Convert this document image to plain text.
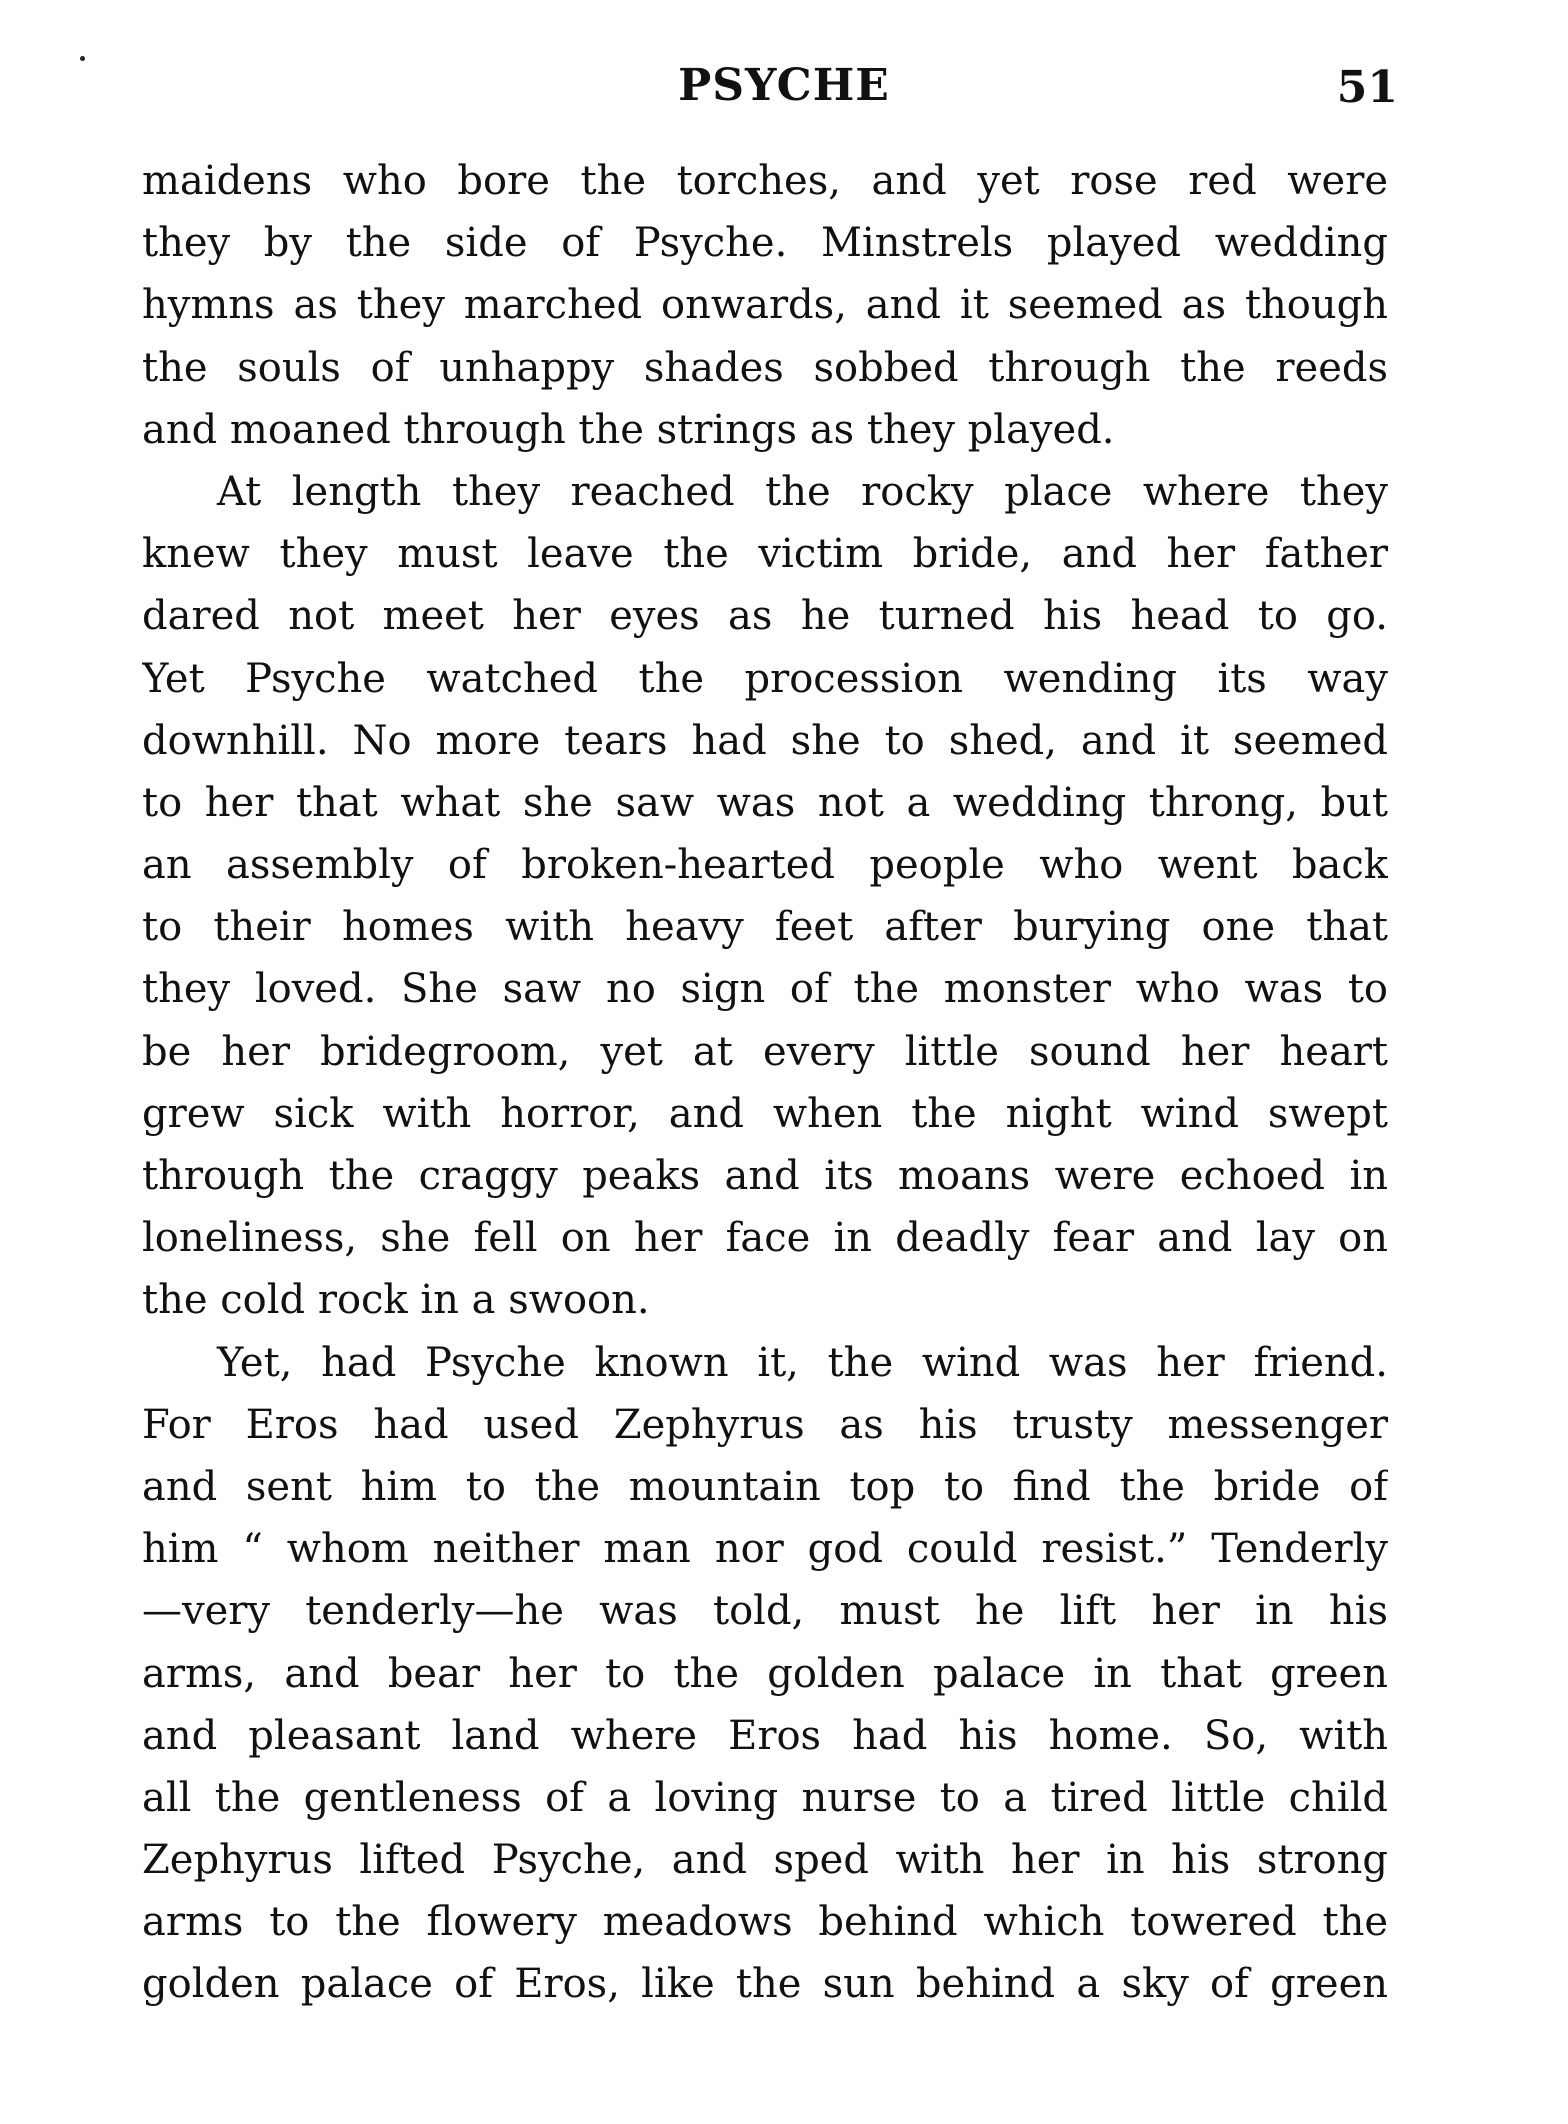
PSYCHE	51
maidens who bore the torches, and yet rose red were
they by the side of Psyche. Minstrels played wedding
hymns as they marched onwards, and it seemed as though
the souls of unhappy shades sobbed through the reeds
and moaned through the strings as they played.
At length they reached the rocky place where they
knew they must leave the victim bride, and her father
dared not meet her eyes as he turned his head to go.
Yet Psyche watched the procession wending its way
downhill. No more tears had she to shed, and it seemed
to her that what she saw was not a wedding throng, but
an assembly of broken-hearted people who went back
to their homes with heavy feet after burying one that
they loved. She saw no sign of the monster who was to
be her bridegroom, yet at every little sound her heart
grew sick with horror, and when the night wind swept
through the craggy peaks and its moans were echoed in
loneliness, she fell on her face in deadly fear and lay on
the cold rock in a swoon.
Yet, had Psyche known it, the wind was her friend.
For Eros had used Zephyrus as his trusty messenger
and sent him to the mountain top to find the bride of
him “ whom neither man nor god could resist.” Tenderly
—very tenderly—he was told, must he lift her in his
arms, and bear her to the golden palace in that green
and pleasant land where Eros had his home. So, with
all the gentleness of a loving nurse to a tired little child
Zephyrus lifted Psyche, and sped with her in his strong
arms to the flowery meadows behind which towered the
golden palace of Eros, like the sun behind a sky of green
